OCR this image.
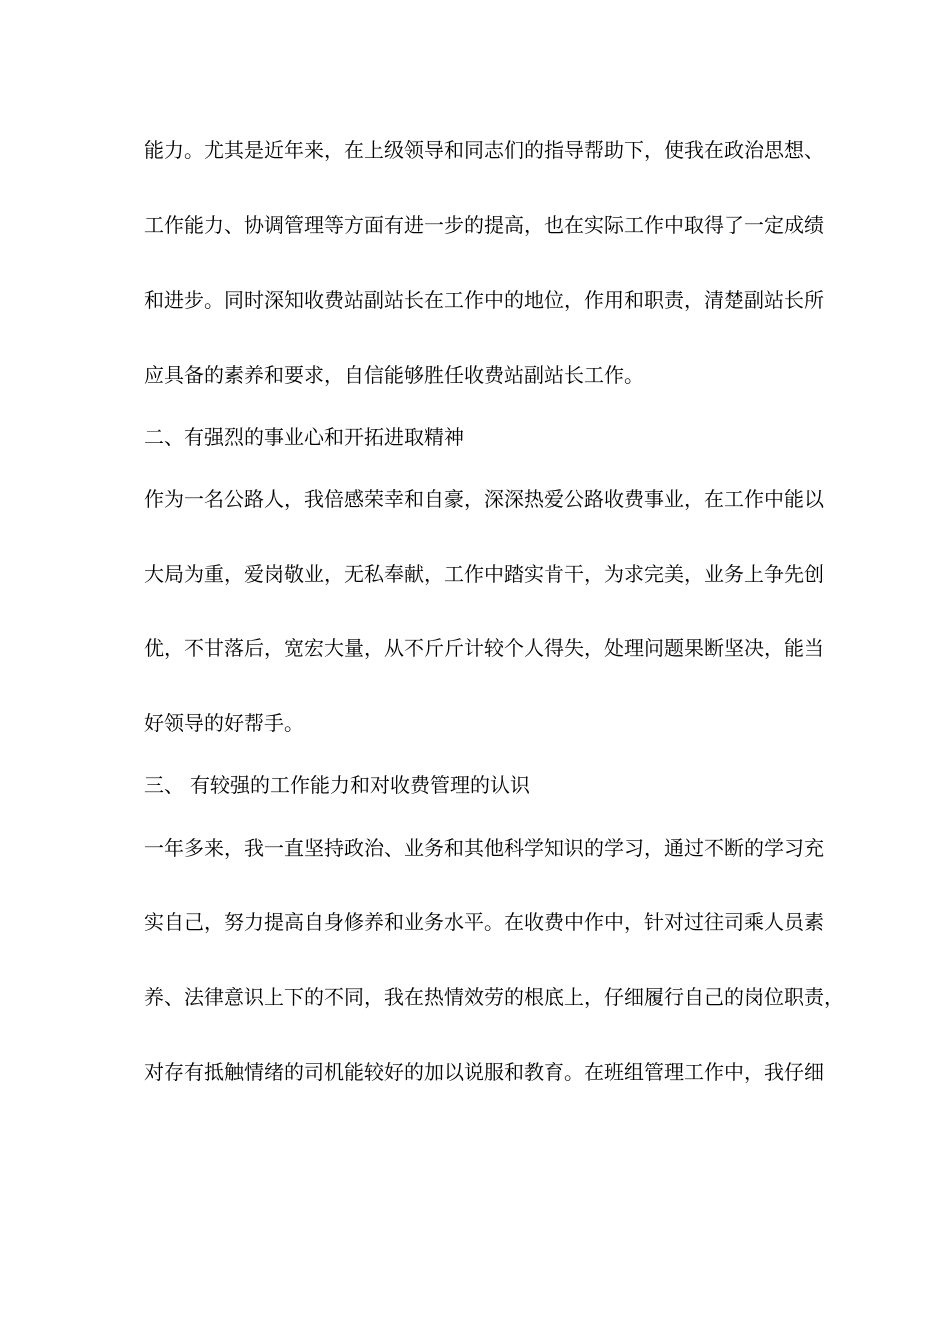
能力。尤其是近年来，在上级领导和同志们的指导帮助下，使我在政治思想、
工作能力、协调管理等方面有进一步的提高，也在实际工作中取得了一定成绩
和进步。同时深知收费站副站长在工作中的地位，作用和职责，清楚副站长所
应具备的素养和要求，自信能够胜任收费站副站长工作。
二、有强烈的事业心和开拓进取精神
作为一名公路人，我倍感荣幸和自豪，深深热爱公路收费事业，在工作中能以
大局为重，爱岗敬业，无私奉献，工作中踏实肯干，为求完美，业务上争先创
优，不甘落后，宽宏大量，从不斤斤计较个人得失，处理问题果断坚决，能当
好领导的好帮手。
三、 有较强的工作能力和对收费管理的认识
一年多来，我一直坚持政治、业务和其他科学知识的学习，通过不断的学习充
实自己，努力提高自身修养和业务水平。在收费中作中，针对过往司乘人员素
养、法律意识上下的不同，我在热情效劳的根底上，仔细履行自己的岗位职责，
对存有抵触情绪的司机能较好的加以说服和教育。在班组管理工作中，我仔细
